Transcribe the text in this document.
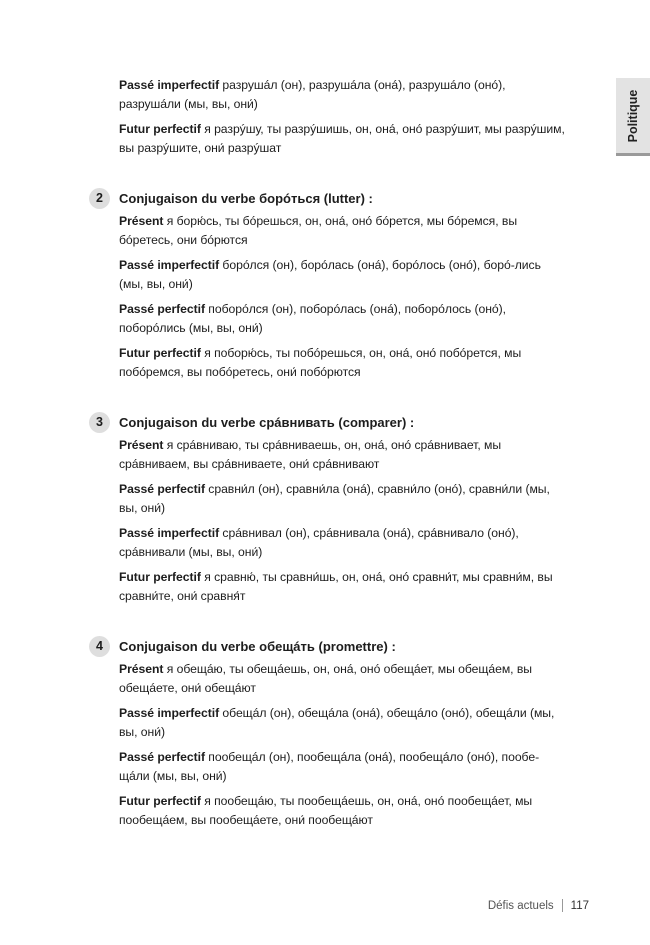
Politique

Passé imperfectif разрушáл (он), разрушáла (онá), разрушáло (онó), разрушáли (мы, вы, они́)

Futur perfectif я разрýшу, ты разрýшишь, он, онá, онó разрýшит, мы разрýшим, вы разрýшите, они́ разрýшат

2	Conjugaison du verbe борóться (lutter) :

Présent я борю́сь, ты бóрешься, он, онá, онó бóрется, мы бóремся, вы бóретесь, они бóрются

Passé imperfectif борóлся (он), борóлась (онá), борóлось (онó), борó-лись (мы, вы, они́)

Passé perfectif поборóлся (он), поборóлась (онá), поборóлось (онó), поборóлись (мы, вы, они́)

Futur perfectif я поборю́сь, ты побóрешься, он, онá, онó побóрется, мы побóремся, вы побóретесь, они́ побóрются

3	Conjugaison du verbe срáвнивать (comparer) :

Présent я срáвниваю, ты срáвниваешь, он, онá, онó срáвнивает, мы срáвниваем, вы срáвниваете, они́ срáвнивают

Passé perfectif сравни́л (он), сравни́ла (онá), сравни́ло (онó), сравни́ли (мы, вы, они́)

Passé imperfectif срáвнивал (он), срáвнивала (онá), срáвнивало (онó), срáвнивали (мы, вы, они́)

Futur perfectif я сравню́, ты сравни́шь, он, онá, онó сравни́т, мы сравни́м, вы сравни́те, они́ сравня́т

4	Conjugaison du verbe обещáть (promettre) :

Présent я обещáю, ты обещáешь, он, онá, онó обещáет, мы обещáем, вы обещáете, они́ обещáют

Passé imperfectif обещáл (он), обещáла (онá), обещáло (онó), обещáли (мы, вы, они́)

Passé perfectif пообещáл (он), пообещáла (онá), пообещáло (онó), пообе-щáли (мы, вы, они́)

Futur perfectif я пообещáю, ты пообещáешь, он, онá, онó пообещáет, мы пообещáем, вы пообещáете, они́ пообещáют

Défis actuels 117
